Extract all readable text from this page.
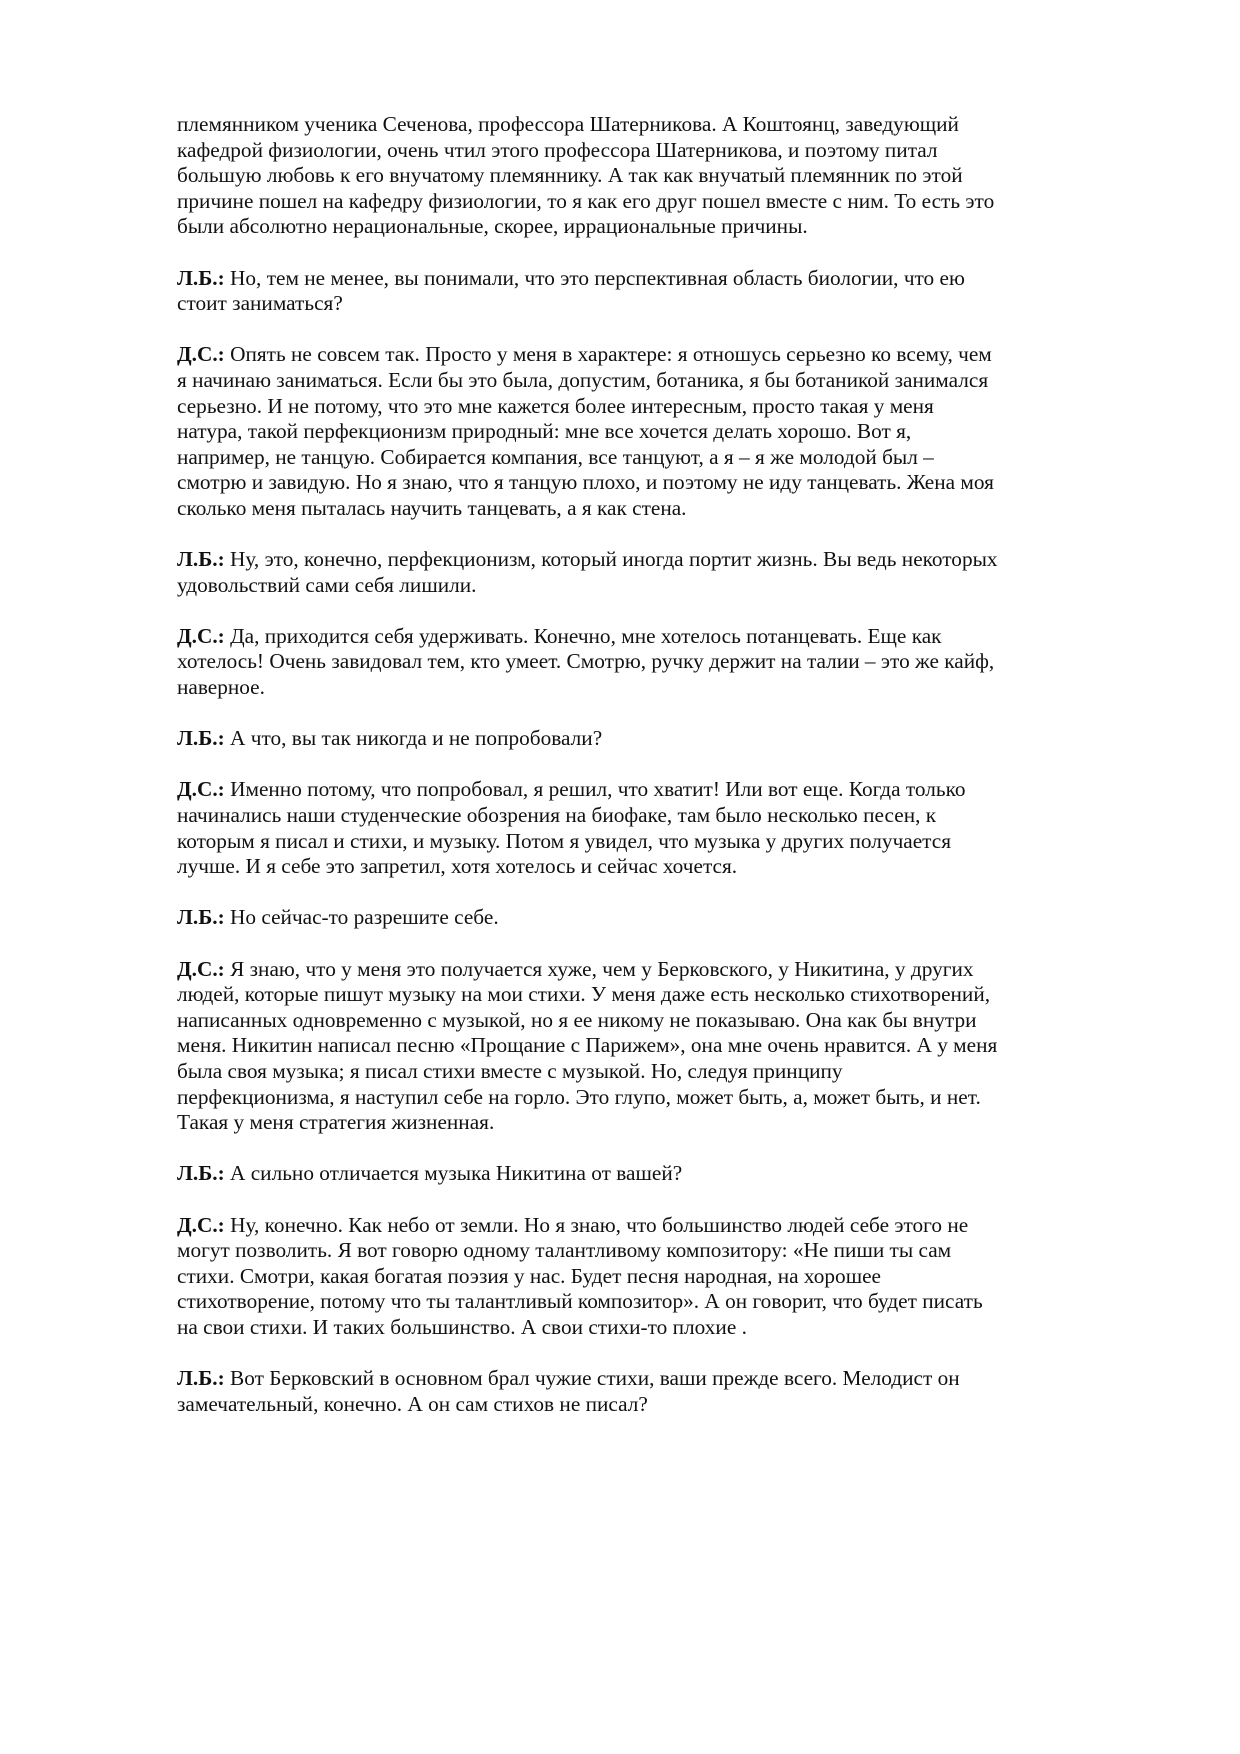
племянником ученика Сеченова, профессора Шатерникова. А Коштоянц, заведующий
кафедрой физиологии, очень чтил этого профессора Шатерникова, и поэтому питал
большую любовь к его внучатому племяннику. А так как внучатый племянник по этой
причине пошел на кафедру физиологии, то я как его друг пошел вместе с ним. То есть это
были абсолютно нерациональные, скорее, иррациональные причины.

Л.Б.: Но, тем не менее, вы понимали, что это перспективная область биологии, что ею
стоит заниматься?

Д.С.: Опять не совсем так. Просто у меня в характере: я отношусь серьезно ко всему, чем
я начинаю заниматься. Если бы это была, допустим, ботаника, я бы ботаникой занимался
серьезно. И не потому, что это мне кажется более интересным, просто такая у меня
натура, такой перфекционизм природный: мне все хочется делать хорошо. Вот я,
например, не танцую. Собирается компания, все танцуют, а я – я же молодой был –
смотрю и завидую. Но я знаю, что я танцую плохо, и поэтому не иду танцевать. Жена моя
сколько меня пыталась научить танцевать, а я как стена.

Л.Б.: Ну, это, конечно, перфекционизм, который иногда портит жизнь. Вы ведь некоторых
удовольствий сами себя лишили.

Д.С.: Да, приходится себя удерживать. Конечно, мне хотелось потанцевать. Еще как
хотелось! Очень завидовал тем, кто умеет. Смотрю, ручку держит на талии – это же кайф,
наверное.

Л.Б.: А что, вы так никогда и не попробовали?

Д.С.: Именно потому, что попробовал, я решил, что хватит! Или вот еще. Когда только
начинались наши студенческие обозрения на биофаке, там было несколько песен, к
которым я писал и стихи, и музыку. Потом я увидел, что музыка у других получается
лучше. И я себе это запретил, хотя хотелось и сейчас хочется.

Л.Б.: Но сейчас-то разрешите себе.

Д.С.: Я знаю, что у меня это получается хуже, чем у Берковского, у Никитина, у других
людей, которые пишут музыку на мои стихи. У меня даже есть несколько стихотворений,
написанных одновременно с музыкой, но я ее никому не показываю. Она как бы внутри
меня. Никитин написал песню «Прощание с Парижем», она мне очень нравится. А у меня
была своя музыка; я писал стихи вместе с музыкой. Но, следуя принципу
перфекционизма, я наступил себе на горло. Это глупо, может быть, а, может быть, и нет.
Такая у меня стратегия жизненная.

Л.Б.: А сильно отличается музыка Никитина от вашей?

Д.С.: Ну, конечно. Как небо от земли. Но я знаю, что большинство людей себе этого не
могут позволить. Я вот говорю одному талантливому композитору: «Не пиши ты сам
стихи. Смотри, какая богатая поэзия у нас. Будет песня народная, на хорошее
стихотворение, потому что ты талантливый композитор». А он говорит, что будет писать
на свои стихи. И таких большинство. А свои стихи-то плохие .

Л.Б.: Вот Берковский в основном брал чужие стихи, ваши прежде всего. Мелодист он
замечательный, конечно. А он сам стихов не писал?
